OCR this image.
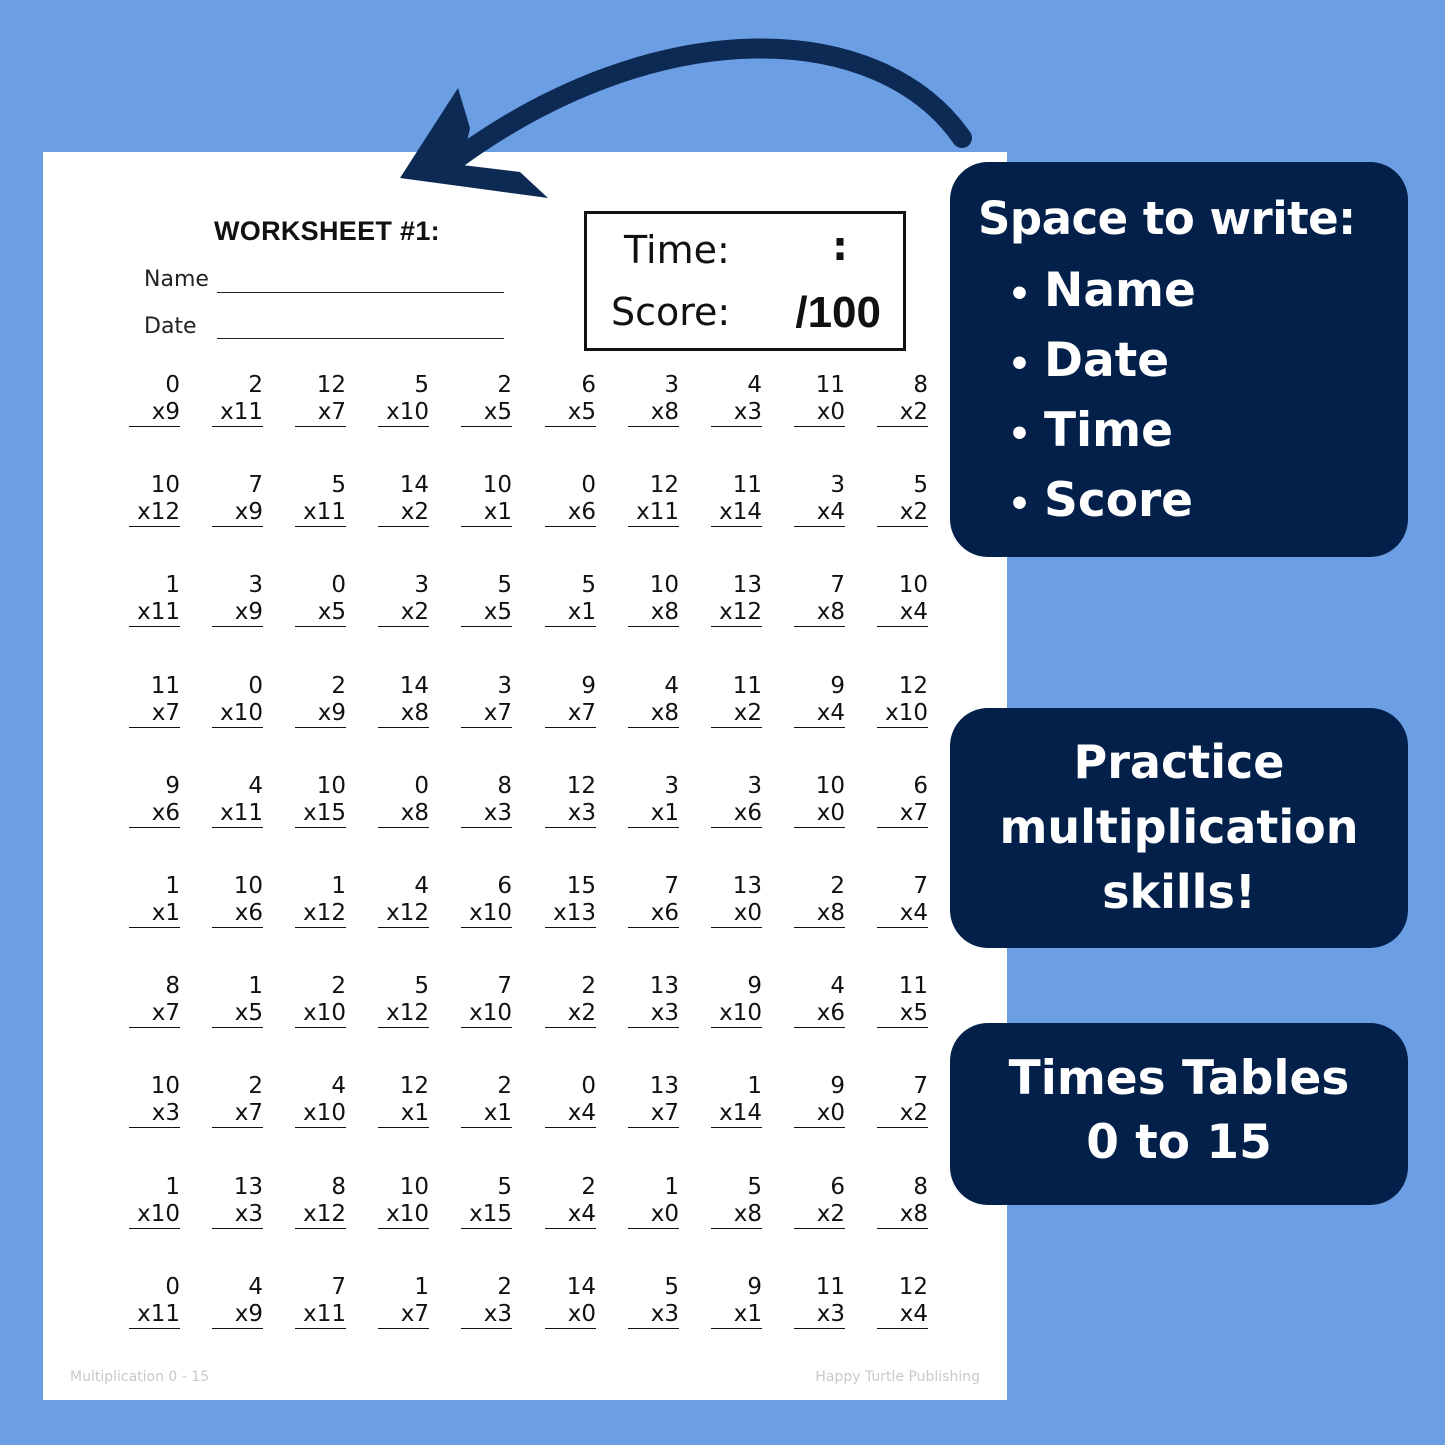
WORKSHEET #1:
Name
Date
Time:	:
Score: /100
0
x9
2
x11
12
x7
5
x10
2
x5
6
x5
3
x8
4
x3
11
x0
8
x2
10
x12
7
x9
5
x11
14
x2
10
x1
0
x6
12
x11
11
x14
3
x4
5
x2
1
x11
3
x9
0
x5
3
x2
5
x5
5
x1
10
x8
13
x12
7
x8
10
x4
11
x7
0
x10
2
x9
14
x8
3
x7
9
x7
4
x8
11
x2
9
x4
12
x10
9
x6
4
x11
10
x15
0
x8
8
x3
12
x3
3
x1
3
x6
10
x0
6
x7
1
x1
10
x6
1
x12
4
x12
6
x10
15
x13
7
x6
13
x0
2
x8
7
x4
8
x7
1
x5
2
x10
5
x12
7
x10
2
x2
13
x3
9
x10
4
x6
11
x5
10
x3
2
x7
4
x10
12
x1
2
x1
0
x4
13
x7
1
x14
9
x0
7
x2
1
x10
13
x3
8
x12
10
x10
5
x15
2
x4
1
x0
5
x8
6
x2
8
x8
0
x11
4
x9
7
x11
1
x7
2
x3
14
x0
5
x3
9
x1
11
x3
12
x4
Multiplication 0 - 15	Happy Turtle Publishing
Space to write:
• Name
• Date
• Time
• Score
Practice
multiplication
skills!
Times Tables
0 to 15
